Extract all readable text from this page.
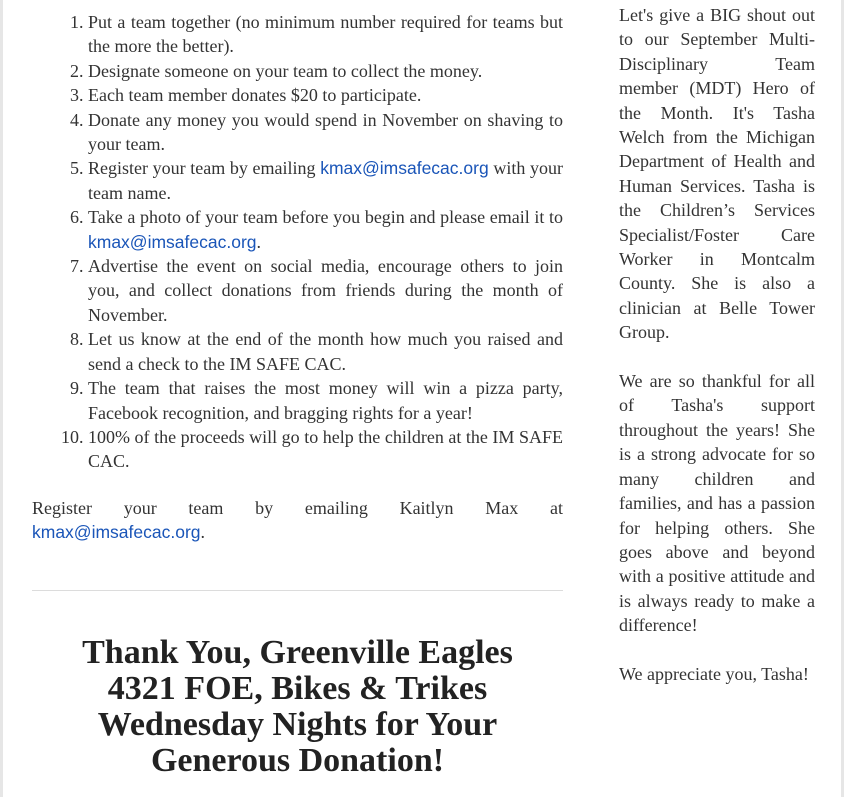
1. Put a team together (no minimum number required for teams but the more the better).
2. Designate someone on your team to collect the money.
3. Each team member donates $20 to participate.
4. Donate any money you would spend in November on shaving to your team.
5. Register your team by emailing kmax@imsafecac.org with your team name.
6. Take a photo of your team before you begin and please email it to kmax@imsafecac.org.
7. Advertise the event on social media, encourage others to join you, and collect donations from friends during the month of November.
8. Let us know at the end of the month how much you raised and send a check to the IM SAFE CAC.
9. The team that raises the most money will win a pizza party, Facebook recognition, and bragging rights for a year!
10. 100% of the proceeds will go to help the children at the IM SAFE CAC.

Register your team by emailing Kaitlyn Max at
kmax@imsafecac.org.

Thank You, Greenville Eagles
4321 FOE, Bikes & Trikes
Wednesday Nights for Your
Generous Donation!

Let's give a BIG shout out to our September Multi-Disciplinary Team member (MDT) Hero of the Month. It's Tasha Welch from the Michigan Department of Health and Human Services. Tasha is the Children’s Services Specialist/Foster Care Worker in Montcalm County. She is also a clinician at Belle Tower Group.

We are so thankful for all of Tasha's support throughout the years! She is a strong advocate for so many children and families, and has a passion for helping others. She goes above and beyond with a positive attitude and is always ready to make a difference!

We appreciate you, Tasha!
